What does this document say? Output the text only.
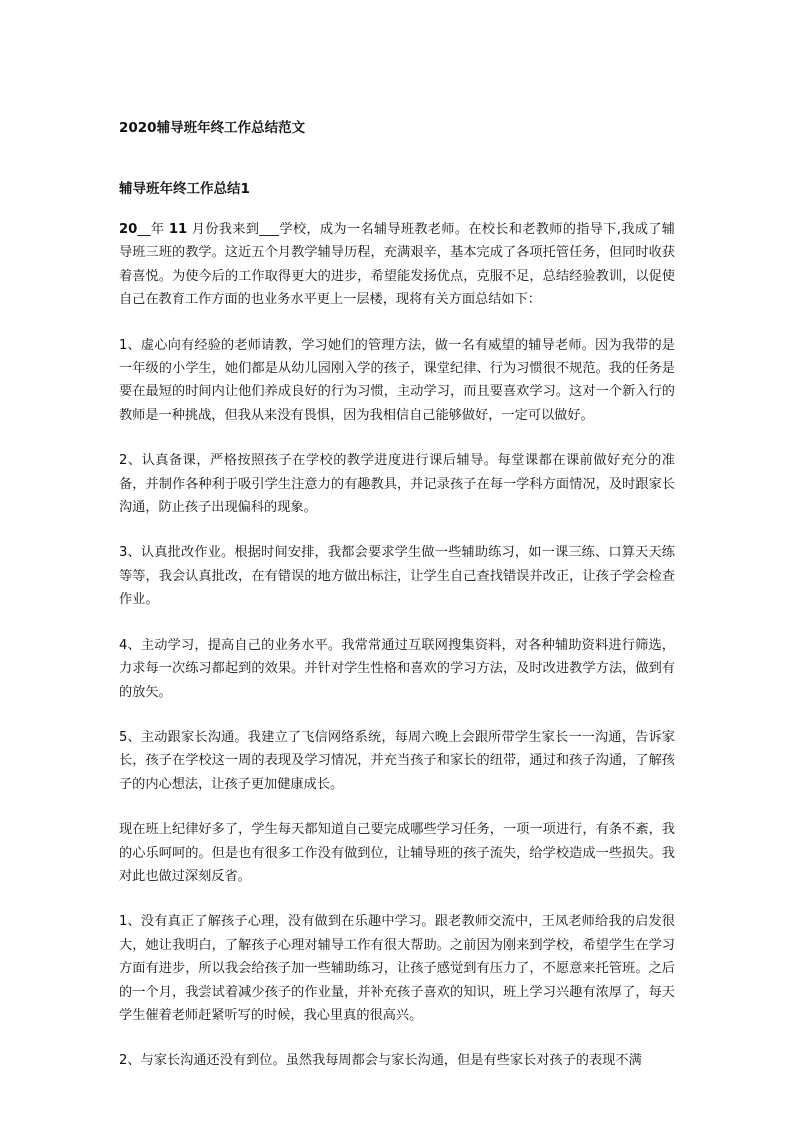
2020辅导班年终工作总结范文
辅导班年终工作总结1

20__年 11 月份我来到___学校，成为一名辅导班教老师。在校长和老教师的指导下,我成了辅导班三班的教学。这近五个月教学辅导历程，充满艰辛，基本完成了各项托管任务，但同时收获着喜悦。为使今后的工作取得更大的进步，希望能发扬优点，克服不足，总结经验教训，以促使自己在教育工作方面的也业务水平更上一层楼，现将有关方面总结如下：

1、虚心向有经验的老师请教，学习她们的管理方法，做一名有威望的辅导老师。因为我带的是一年级的小学生，她们都是从幼儿园刚入学的孩子，课堂纪律、行为习惯很不规范。我的任务是要在最短的时间内让他们养成良好的行为习惯，主动学习，而且要喜欢学习。这对一个新入行的教师是一种挑战，但我从来没有畏惧，因为我相信自己能够做好，一定可以做好。

2、认真备课，严格按照孩子在学校的教学进度进行课后辅导。每堂课都在课前做好充分的准备，并制作各种利于吸引学生注意力的有趣教具，并记录孩子在每一学科方面情况，及时跟家长沟通，防止孩子出现偏科的现象。

3、认真批改作业。根据时间安排，我都会要求学生做一些辅助练习，如一课三练、口算天天练等等，我会认真批改，在有错误的地方做出标注，让学生自己查找错误并改正，让孩子学会检查作业。

4、主动学习，提高自己的业务水平。我常常通过互联网搜集资料，对各种辅助资料进行筛选，力求每一次练习都起到的效果。并针对学生性格和喜欢的学习方法，及时改进教学方法，做到有的放矢。

5、主动跟家长沟通。我建立了飞信网络系统，每周六晚上会跟所带学生家长一一沟通，告诉家长，孩子在学校这一周的表现及学习情况，并充当孩子和家长的纽带，通过和孩子沟通，了解孩子的内心想法，让孩子更加健康成长。

现在班上纪律好多了，学生每天都知道自己要完成哪些学习任务，一项一项进行，有条不紊，我的心乐呵呵的。但是也有很多工作没有做到位，让辅导班的孩子流失，给学校造成一些损失。我对此也做过深刻反省。

1、没有真正了解孩子心理，没有做到在乐趣中学习。跟老教师交流中，王凤老师给我的启发很大，她让我明白，了解孩子心理对辅导工作有很大帮助。之前因为刚来到学校，希望学生在学习方面有进步，所以我会给孩子加一些辅助练习，让孩子感觉到有压力了，不愿意来托管班。之后的一个月，我尝试着减少孩子的作业量，并补充孩子喜欢的知识，班上学习兴趣有浓厚了，每天学生催着老师赶紧听写的时候，我心里真的很高兴。

2、与家长沟通还没有到位。虽然我每周都会与家长沟通，但是有些家长对孩子的表现不满
